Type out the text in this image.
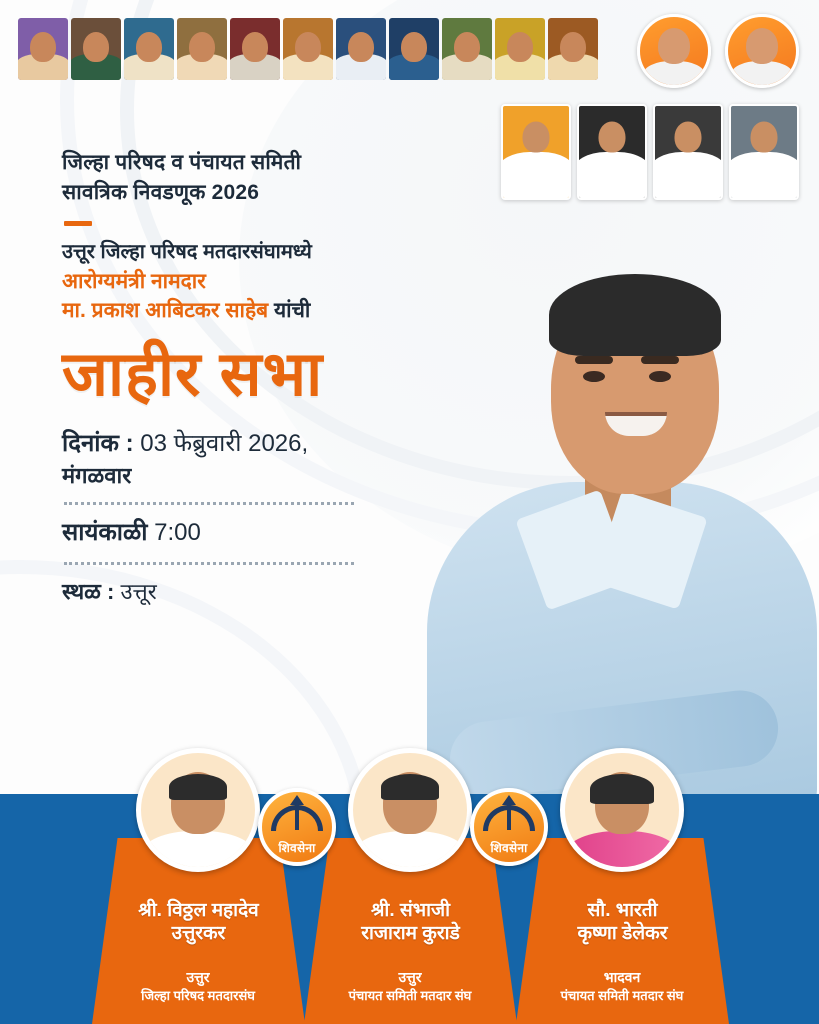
जिल्हा परिषद व पंचायत समिती
सावत्रिक निवडणूक 2026
उत्तूर जिल्हा परिषद मतदारसंघामध्ये
आरोग्यमंत्री नामदार
मा. प्रकाश आबिटकर साहेब यांची
जाहीर सभा
दिनांक : 03 फेब्रुवारी 2026,
मंगळवार
सायंकाळी 7:00
स्थळ : उत्तूर
शिवसेना	शिवसेना
श्री. विठ्ठल महादेव
उत्तुरकर
श्री. संभाजी
राजाराम कुराडे
सौ. भारती
कृष्णा डेलेकर
उत्तुर
जिल्हा परिषद मतदारसंघ
उत्तुर
पंचायत समिती मतदार संघ
भादवन
पंचायत समिती मतदार संघ
